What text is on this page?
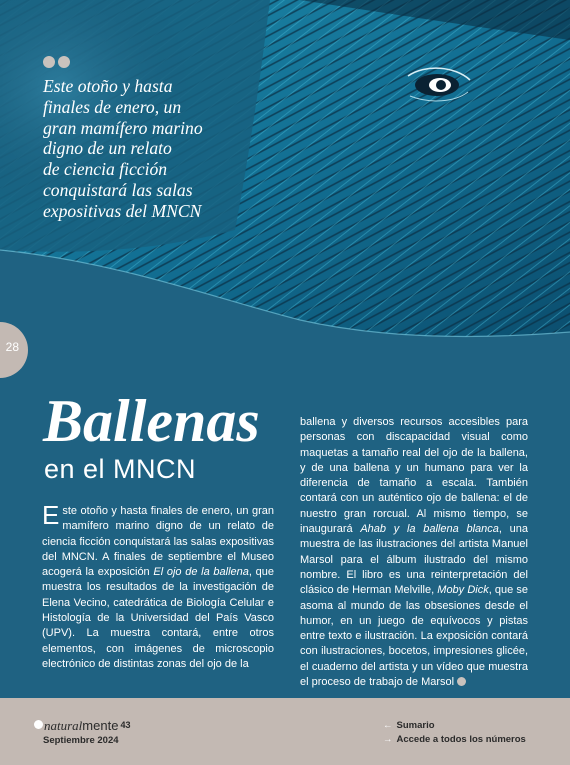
Este otoño y hasta
finales de enero, un
gran mamífero marino
digno de un relato
de ciencia ficción
conquistará las salas
expositivas del MNCN
28
Ballenas
en el MNCN
Este otoño y hasta finales de enero, un gran mamífero marino digno de un relato de ciencia ficción conquistará las salas expositivas del MNCN. A finales de septiembre el Museo acogerá la exposición El ojo de la ballena, que muestra los resultados de la investigación de Elena Vecino, catedrática de Biología Celular e Histología de la Universidad del País Vasco (UPV). La muestra contará, entre otros elementos, con imágenes de microscopio electrónico de distintas zonas del ojo de la
ballena y diversos recursos accesibles para personas con discapacidad visual como maquetas a tamaño real del ojo de la ballena, y de una ballena y un humano para ver la diferencia de tamaño a escala. También contará con un auténtico ojo de ballena: el de nuestro gran rorcual. Al mismo tiempo, se inaugurará Ahab y la ballena blanca, una muestra de las ilustraciones del artista Manuel Marsol para el álbum ilustrado del mismo nombre. El libro es una reinterpretación del clásico de Herman Melville, Moby Dick, que se asoma al mundo de las obsesiones desde el humor, en un juego de equívocos y pistas entre texto e ilustración. La exposición contará con ilustraciones, bocetos, impresiones glicée, el cuaderno del artista y un vídeo que muestra el proceso de trabajo de Marsol
naturalmente 43
Septiembre 2024
← Sumario
→ Accede a todos los números
